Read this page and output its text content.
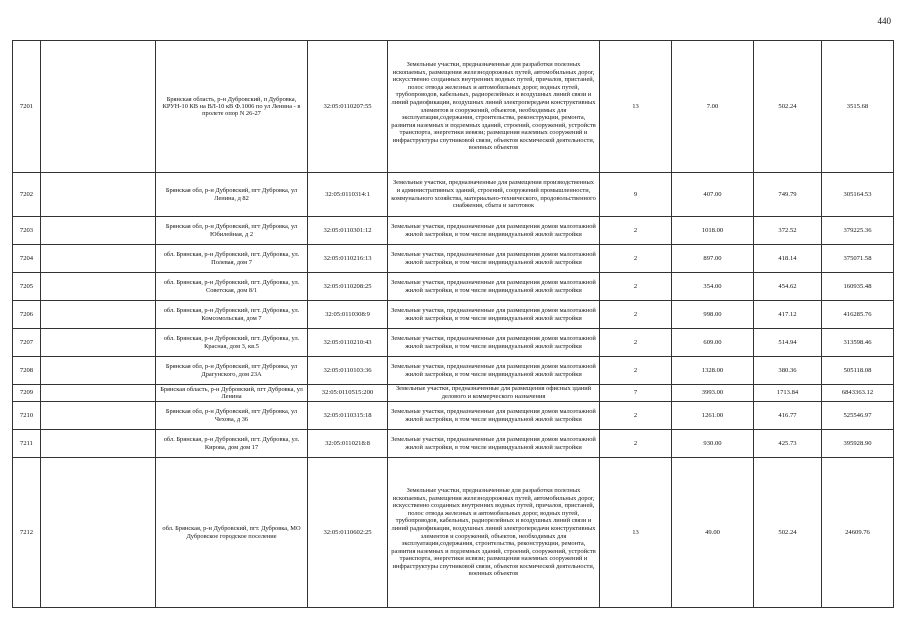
440
7201		Брянская область, р-н Дубровский, п Дубровка, КРУН-10 КВ на ВЛ-10 кВ Ф.1006 по ул Ленина - в пролете опор N 26-27	32:05:0110207:55	Земельные участки, предназначенные для разработки полезных ископаемых, размещения железнодорожных путей, автомобильных дорог, искусственно созданных внутренних водных путей, причалов, пристаней, полос отвода железных и автомобильных дорог, водных путей, трубопроводов, кабельных, радиорелейных и воздушных линий связи и линий радиофикации, воздушных линий электропередачи конструктивных элементов и сооружений, объектов, необходимых для эксплуатации,содержания, строительства, реконструкции, ремонта, развития наземных и подземных зданий, строений, сооружений, устройств транспорта, энергетики иевязи; размещения наземных сооружений и инфраструктуры спутниковой связи, объектов космической деятельности, военных объектов	13	7.00	502.24	3515.68
7202		Брянская обл, р-н Дубровский, пгт Дубровка, ул Ленина, д 82	32:05:0110314:1	Земельные участки, предназначенные для размещения производственных и административных зданий, строений, сооружений промышленности, коммунального хозяйства, материально-технического, продовольственного снабжения, сбыта и заготовок	9	407.00	749.79	305164.53
7203		Брянская обл, р-н Дубровский, пгт Дубровка, ул Юбилейная, д 2	32:05:0110301:12	Земельные участки, предназначенные для размещения домов малоэтажной жилой застройки, в том числе индивидуальной жилой застройки	2	1018.00	372.52	379225.36
7204		обл. Брянская, р-н Дубровский, пгт. Дубровка, ул. Полевая, дом 7	32:05:0110216:13	Земельные участки, предназначенные для размещения домов малоэтажной жилой застройки, в том числе индивидуальной жилой застройки	2	897.00	418.14	375071.58
7205		обл. Брянская, р-н Дубровский, пгт. Дубровка, ул. Советская, дом 8/1	32:05:0110208:25	Земельные участки, предназначенные для размещения домов малоэтажной жилой застройки, в том числе индивидуальной жилой застройки	2	354.00	454.62	160935.48
7206		обл. Брянская, р-н Дубровский, пгт. Дубровка, ул. Комсомольская, дом 7	32:05:0110308:9	Земельные участки, предназначенные для размещения домов малоэтажной жилой застройки, в том числе индивидуальной жилой застройки	2	998.00	417.12	416285.76
7207		обл. Брянская, р-н Дубровский, пгт. Дубровка, ул. Красная, дом 3, кв.5	32:05:0110210:43	Земельные участки, предназначенные для размещения домов малоэтажной жилой застройки, в том числе индивидуальной жилой застройки	2	609.00	514.94	313598.46
7208		Брянская обл, р-н Дубровский, пгт Дубровка, ул Драгунского, дом 23А	32:05:0110103:36	Земельные участки, предназначенные для размещения домов малоэтажной жилой застройки, в том числе индивидуальной жилой застройки	2	1328.00	380.36	505118.08
7209		Брянская область, р-н Дубровский, пгт Дубровка, ул Ленина	32:05:0110515:200	Земельные участки, предназначенные для размещения офисных зданий делового и коммерческого назначения	7	3993.00	1713.84	6843363.12
7210		Брянская обл, р-н Дубровский, пгт Дубровка, ул Чехова, д 36	32:05:0110315:18	Земельные участки, предназначенные для размещения домов малоэтажной жилой застройки, в том числе индивидуальной жилой застройки	2	1261.00	416.77	525546.97
7211		обл. Брянская, р-н Дубровский, пгт. Дубровка, ул. Кирова, дом дом 17	32:05:0110218:8	Земельные участки, предназначенные для размещения домов малоэтажной жилой застройки, в том числе индивидуальной жилой застройки	2	930.00	425.73	395928.90
7212		обл. Брянская, р-н Дубровский, пгт. Дубровка, МО Дубровское городское поселение	32:05:0110602:25	Земельные участки, предназначенные для разработки полезных ископаемых, размещения железнодорожных путей, автомобильных дорог, искусственно созданных внутренних водных путей, причалов, пристаней, полос отвода железных и автомобильных дорог, водных путей, трубопроводов, кабельных, радиорелейных и воздушных линий связи и линий радиофикации, воздушных линий электропередачи конструктивных элементов и сооружений, объектов, необходимых для эксплуатации,содержания, строительства, реконструкции, ремонта, развития наземных и подземных зданий, строений, сооружений, устройств транспорта, энергетики исвязи; размещения наземных сооружений и инфраструктуры спутниковой связи, объектов космической деятельности, военных объектов	13	49.00	502.24	24609.76
